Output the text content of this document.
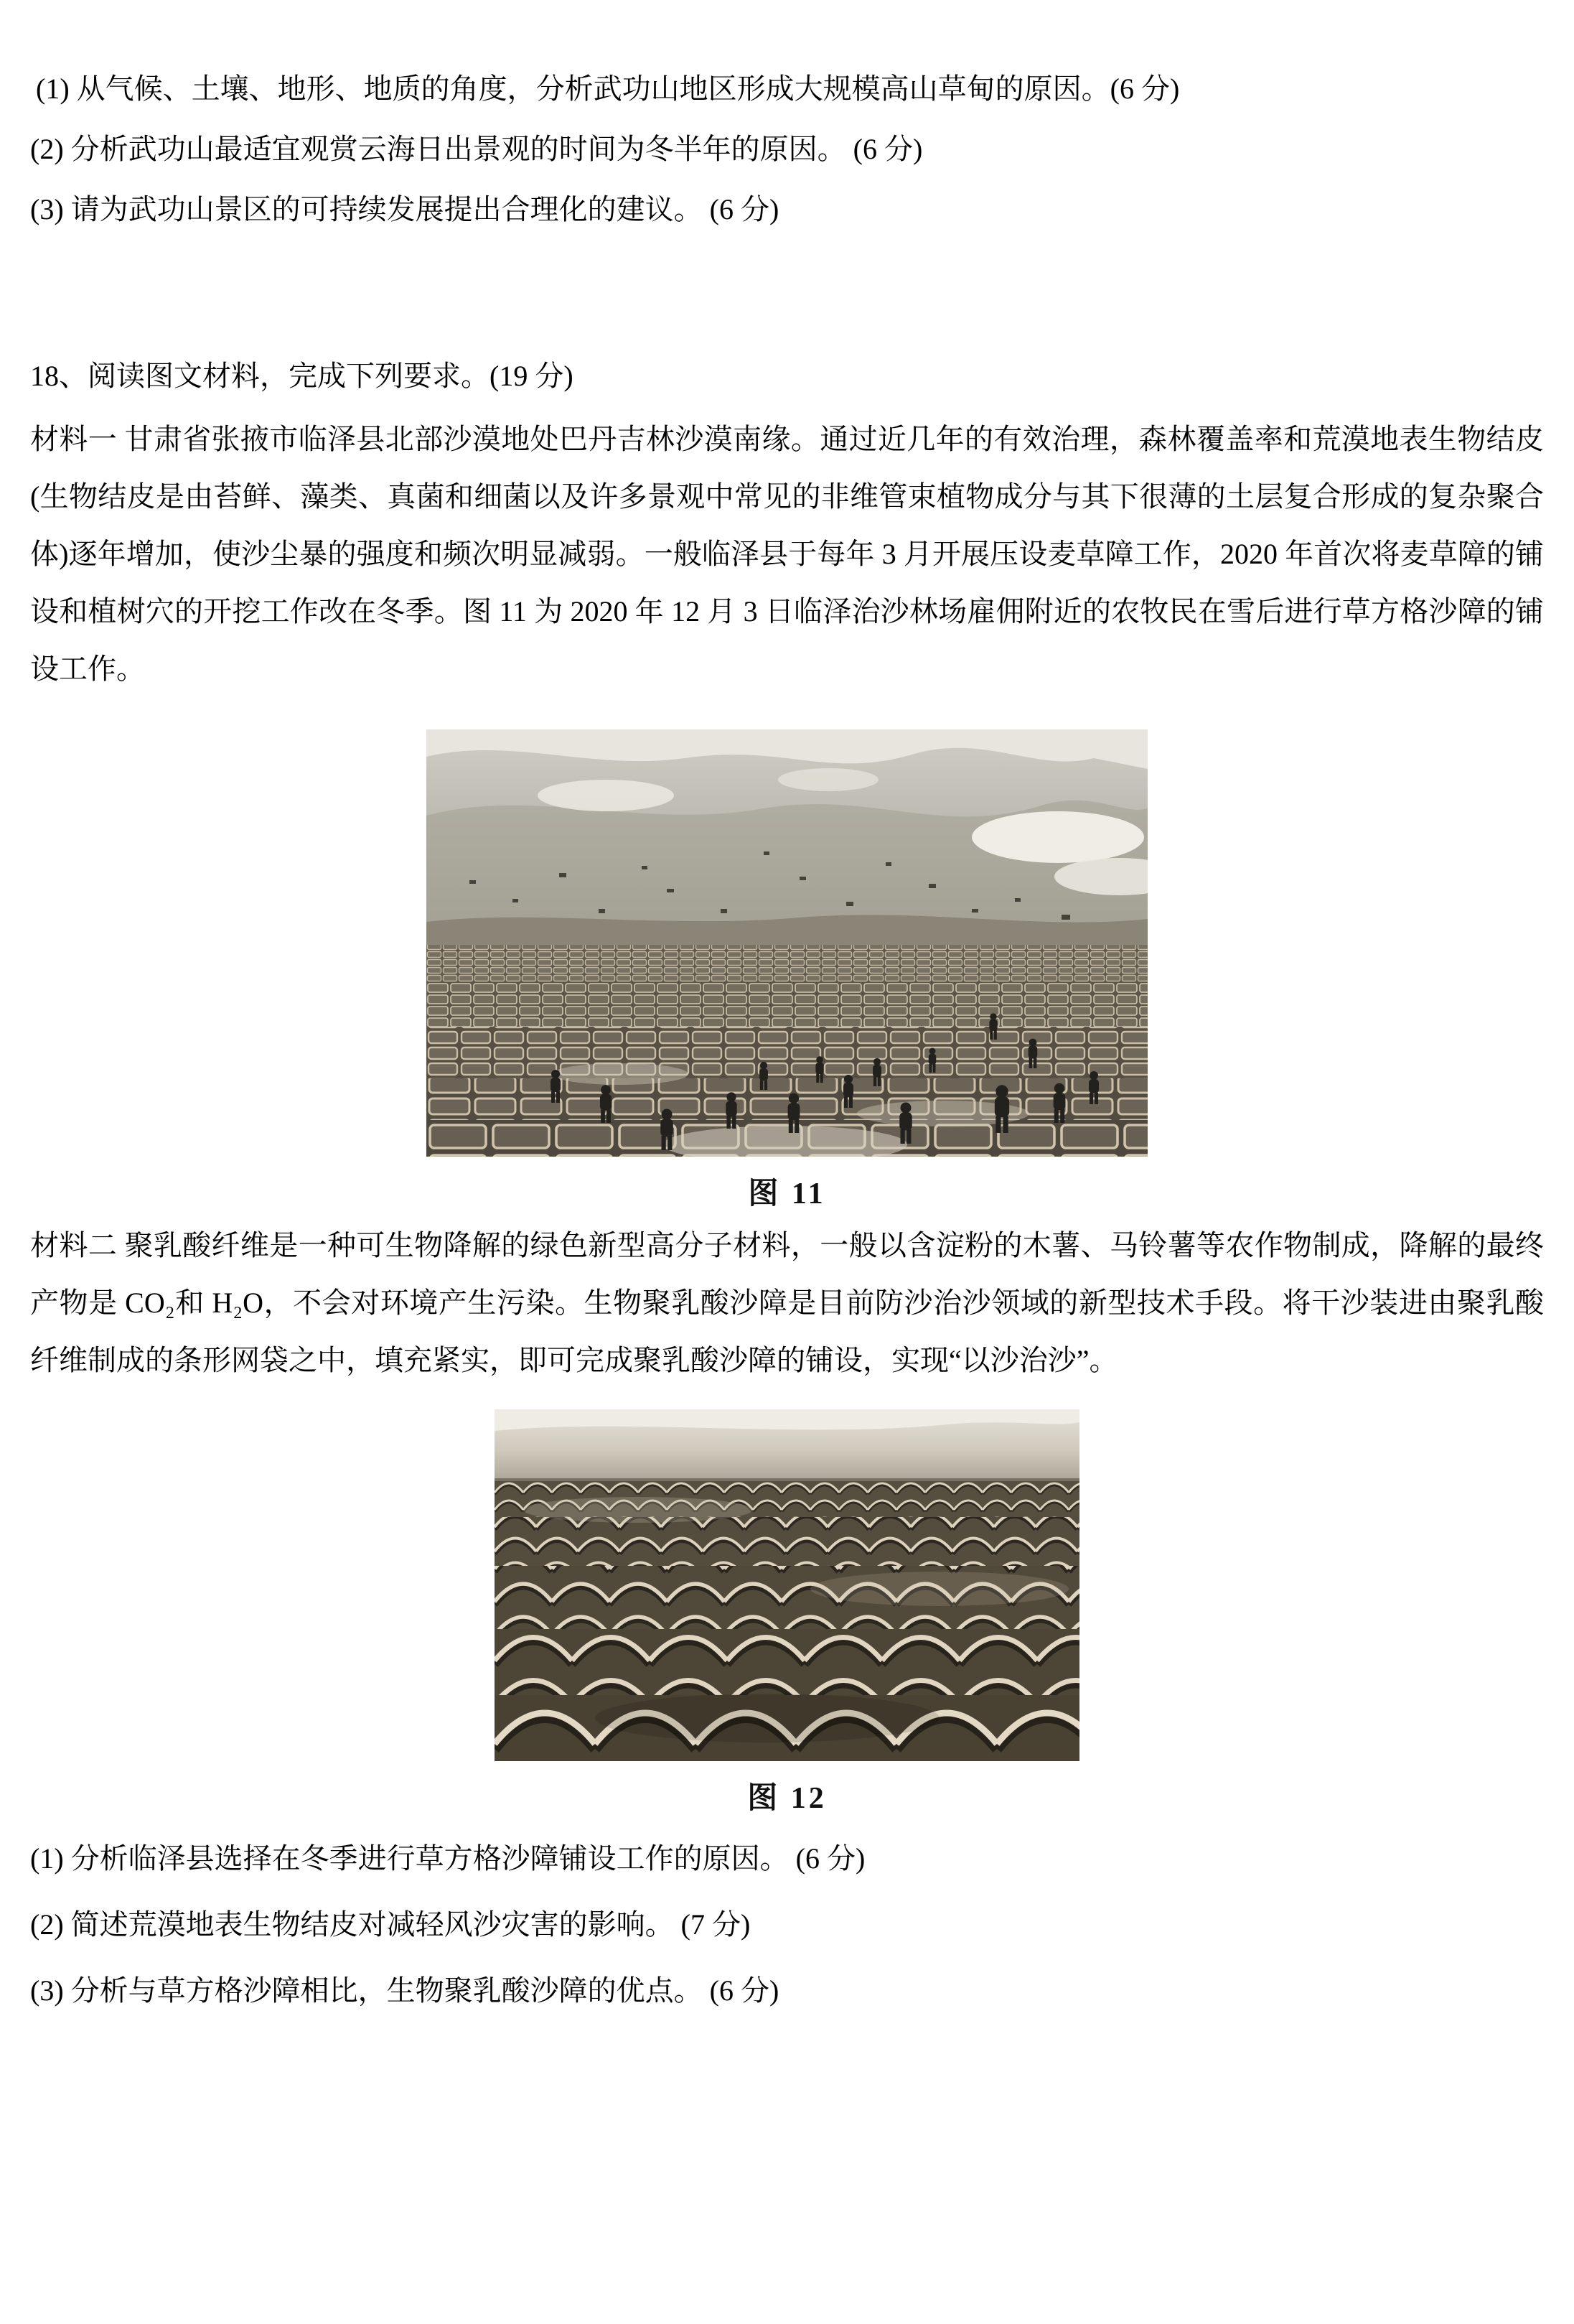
(1) 从气候、土壤、地形、地质的角度，分析武功山地区形成大规模高山草甸的原因。(6 分)

(2) 分析武功山最适宜观赏云海日出景观的时间为冬半年的原因。 (6 分)

(3) 请为武功山景区的可持续发展提出合理化的建议。 (6 分)

18、阅读图文材料，完成下列要求。(19 分)

材料一 甘肃省张掖市临泽县北部沙漠地处巴丹吉林沙漠南缘。通过近几年的有效治理，森林覆盖率和荒漠地表生物结皮(生物结皮是由苔鲜、藻类、真菌和细菌以及许多景观中常见的非维管束植物成分与其下很薄的土层复合形成的复杂聚合体)逐年增加，使沙尘暴的强度和频次明显减弱。一般临泽县于每年 3 月开展压设麦草障工作，2020 年首次将麦草障的铺设和植树穴的开挖工作改在冬季。图 11 为 2020 年 12 月 3 日临泽治沙林场雇佣附近的农牧民在雪后进行草方格沙障的铺设工作。

图 11

材料二 聚乳酸纤维是一种可生物降解的绿色新型高分子材料，一般以含淀粉的木薯、马铃薯等农作物制成，降解的最终产物是 CO₂和 H₂O，不会对环境产生污染。生物聚乳酸沙障是目前防沙治沙领域的新型技术手段。将干沙装进由聚乳酸纤维制成的条形网袋之中，填充紧实，即可完成聚乳酸沙障的铺设，实现“以沙治沙”。

图 12

(1) 分析临泽县选择在冬季进行草方格沙障铺设工作的原因。 (6 分)

(2) 简述荒漠地表生物结皮对减轻风沙灾害的影响。 (7 分)

(3) 分析与草方格沙障相比，生物聚乳酸沙障的优点。 (6 分)
